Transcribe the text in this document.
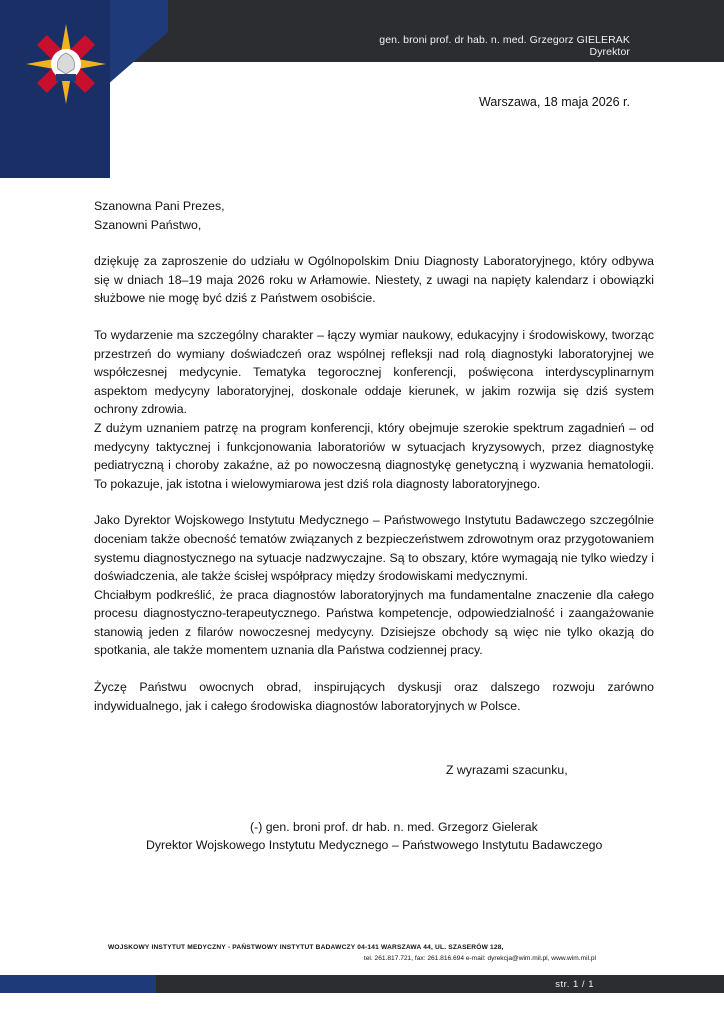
gen. broni prof. dr hab. n. med. Grzegorz GIELERAK
Dyrektor
Warszawa, 18 maja 2026 r.

Szanowna Pani Prezes,

Szanowni Państwo,

dziękuję za zaproszenie do udziału w Ogólnopolskim Dniu Diagnosty Laboratoryjnego, który odbywa się w dniach 18–19 maja 2026 roku w Arłamowie. Niestety, z uwagi na napięty kalendarz i obowiązki służbowe nie mogę być dziś z Państwem osobiście.

To wydarzenie ma szczególny charakter – łączy wymiar naukowy, edukacyjny i środowiskowy, tworząc przestrzeń do wymiany doświadczeń oraz wspólnej refleksji nad rolą diagnostyki laboratoryjnej we współczesnej medycynie. Tematyka tegorocznej konferencji, poświęcona interdyscyplinarnym aspektom medycyny laboratoryjnej, doskonale oddaje kierunek, w jakim rozwija się dziś system ochrony zdrowia.

Z dużym uznaniem patrzę na program konferencji, który obejmuje szerokie spektrum zagadnień – od medycyny taktycznej i funkcjonowania laboratoriów w sytuacjach kryzysowych, przez diagnostykę pediatryczną i choroby zakaźne, aż po nowoczesną diagnostykę genetyczną i wyzwania hematologii. To pokazuje, jak istotna i wielowymiarowa jest dziś rola diagnosty laboratoryjnego.

Jako Dyrektor Wojskowego Instytutu Medycznego – Państwowego Instytutu Badawczego szczególnie doceniam także obecność tematów związanych z bezpieczeństwem zdrowotnym oraz przygotowaniem systemu diagnostycznego na sytuacje nadzwyczajne. Są to obszary, które wymagają nie tylko wiedzy i doświadczenia, ale także ścisłej współpracy między środowiskami medycznymi.

Chciałbym podkreślić, że praca diagnostów laboratoryjnych ma fundamentalne znaczenie dla całego procesu diagnostyczno-terapeutycznego. Państwa kompetencje, odpowiedzialność i zaangażowanie stanowią jeden z filarów nowoczesnej medycyny. Dzisiejsze obchody są więc nie tylko okazją do spotkania, ale także momentem uznania dla Państwa codziennej pracy.

Życzę Państwu owocnych obrad, inspirujących dyskusji oraz dalszego rozwoju zarówno indywidualnego, jak i całego środowiska diagnostów laboratoryjnych w Polsce.

Z wyrazami szacunku,
(-) gen. broni prof. dr hab. n. med. Grzegorz Gielerak
Dyrektor Wojskowego Instytutu Medycznego – Państwowego Instytutu Badawczego
WOJSKOWY INSTYTUT MEDYCZNY - PAŃSTWOWY INSTYTUT BADAWCZY 04-141 WARSZAWA 44, UL. SZASERÓW 128,
tel. 261.817.721, fax: 261.816.694 e-mail: dyrekcja@wim.mil.pl, www.wim.mil.pl
str. 1 / 1
